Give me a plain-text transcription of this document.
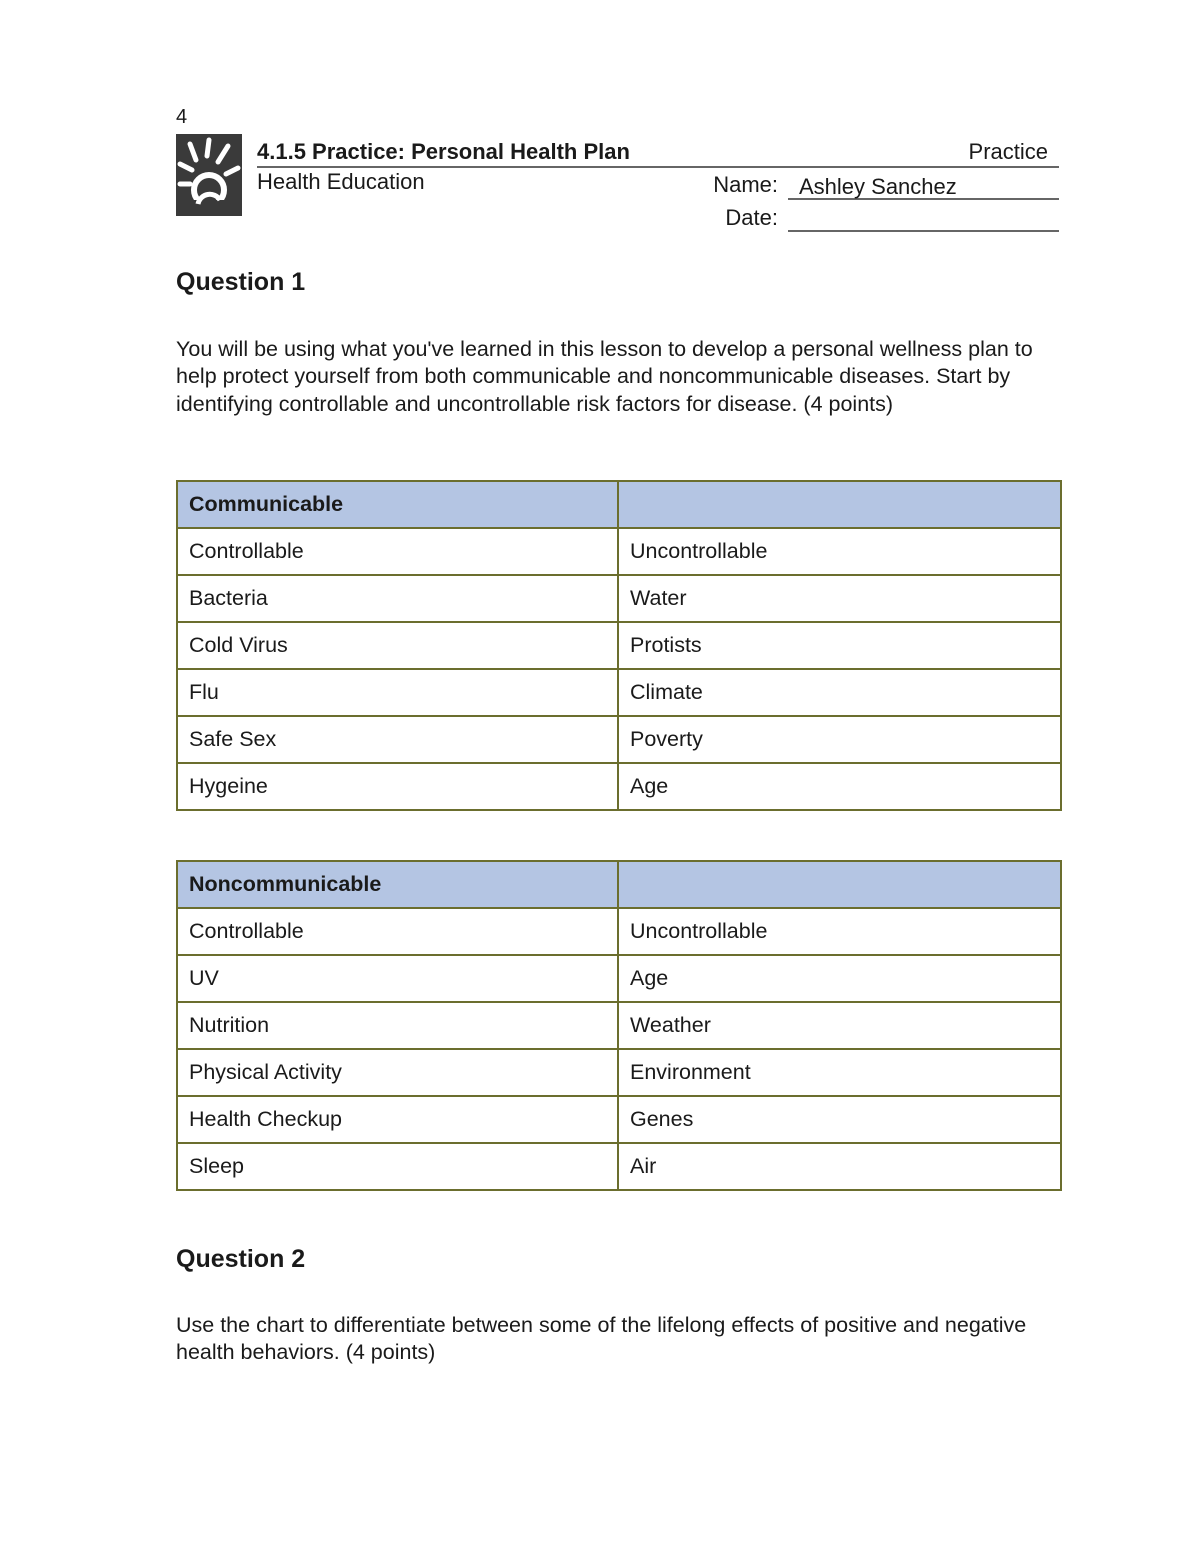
4
4.1.5 Practice: Personal Health Plan	Practice
Health Education	Name: Ashley Sanchez
Date:
Question 1
You will be using what you've learned in this lesson to develop a personal wellness plan to help protect yourself from both communicable and noncommunicable diseases. Start by identifying controllable and uncontrollable risk factors for disease. (4 points)
Communicable	
Controllable	Uncontrollable
Bacteria	Water
Cold Virus	Protists
Flu	Climate
Safe Sex	Poverty
Hygeine	Age
Noncommunicable	
Controllable	Uncontrollable
UV	Age
Nutrition	Weather
Physical Activity	Environment
Health Checkup	Genes
Sleep	Air
Question 2
Use the chart to differentiate between some of the lifelong effects of positive and negative health behaviors. (4 points)
